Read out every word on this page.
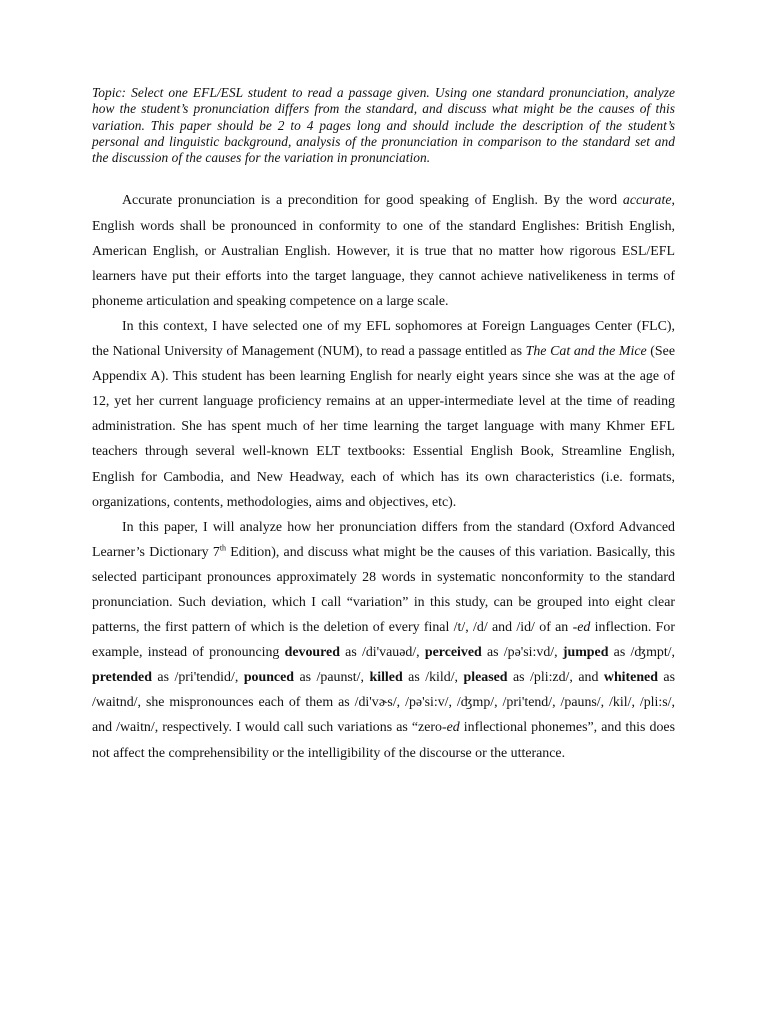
Topic: Select one EFL/ESL student to read a passage given. Using one standard pronunciation, analyze how the student’s pronunciation differs from the standard, and discuss what might be the causes of this variation. This paper should be 2 to 4 pages long and should include the description of the student’s personal and linguistic background, analysis of the pronunciation in comparison to the standard set and the discussion of the causes for the variation in pronunciation.

Accurate pronunciation is a precondition for good speaking of English. By the word accurate, English words shall be pronounced in conformity to one of the standard Englishes: British English, American English, or Australian English. However, it is true that no matter how rigorous ESL/EFL learners have put their efforts into the target language, they cannot achieve nativelikeness in terms of phoneme articulation and speaking competence on a large scale.

In this context, I have selected one of my EFL sophomores at Foreign Languages Center (FLC), the National University of Management (NUM), to read a passage entitled as The Cat and the Mice (See Appendix A). This student has been learning English for nearly eight years since she was at the age of 12, yet her current language proficiency remains at an upper-intermediate level at the time of reading administration. She has spent much of her time learning the target language with many Khmer EFL teachers through several well-known ELT textbooks: Essential English Book, Streamline English, English for Cambodia, and New Headway, each of which has its own characteristics (i.e. formats, organizations, contents, methodologies, aims and objectives, etc).

In this paper, I will analyze how her pronunciation differs from the standard (Oxford Advanced Learner’s Dictionary 7th Edition), and discuss what might be the causes of this variation. Basically, this selected participant pronounces approximately 28 words in systematic nonconformity to the standard pronunciation. Such deviation, which I call “variation” in this study, can be grouped into eight clear patterns, the first pattern of which is the deletion of every final /t/, /d/ and /id/ of an -ed inflection. For example, instead of pronouncing devoured as /di'vauəd/, perceived as /pə'si:vd/, jumped as /ʤmpt/, pretended as /pri'tendid/, pounced as /paunst/, killed as /kild/, pleased as /pli:zd/, and whitened as /waitnd/, she mispronounces each of them as /di'vɚs/, /pə'si:v/, /ʤmp/, /pri'tend/, /pauns/, /kil/, /pli:s/, and /waitn/, respectively. I would call such variations as “zero-ed inflectional phonemes”, and this does not affect the comprehensibility or the intelligibility of the discourse or the utterance.
